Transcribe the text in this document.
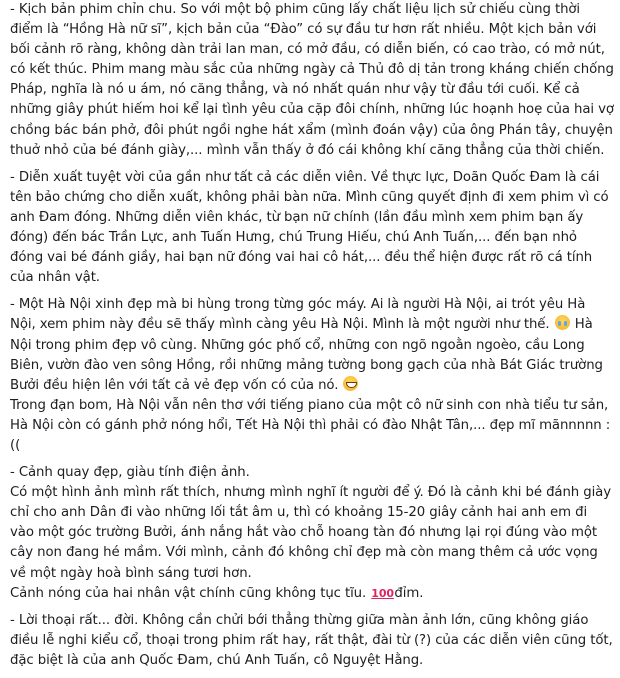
- Kịch bản phim chỉn chu. So với một bộ phim cũng lấy chất liệu lịch sử chiếu cùng thời điểm là “Hồng Hà nữ sĩ”, kịch bản của “Đào” có sự đầu tư hơn rất nhiều. Một kịch bản với bối cảnh rõ ràng, không dàn trải lan man, có mở đầu, có diễn biến, có cao trào, có mở nút, có kết thúc. Phim mang màu sắc của những ngày cả Thủ đô dị tản trong kháng chiến chống Pháp, nghĩa là nó u ám, nó căng thẳng, và nó nhất quán như vậy từ đầu tới cuối. Kể cả những giây phút hiếm hoi kể lại tình yêu của cặp đôi chính, những lúc hoạnh hoẹ của hai vợ chồng bác bán phở, đôi phút ngồi nghe hát xẩm (mình đoán vậy) của ông Phán tây, chuyện thuở nhỏ của bé đánh giày,... mình vẫn thấy ở đó cái không khí căng thẳng của thời chiến.
- Diễn xuất tuyệt vời của gần như tất cả các diễn viên. Về thực lực, Doãn Quốc Đam là cái tên bảo chứng cho diễn xuất, không phải bàn nữa. Mình cũng quyết định đi xem phim vì có anh Đam đóng. Những diễn viên khác, từ bạn nữ chính (lần đầu mình xem phim bạn ấy đóng) đến bác Trần Lực, anh Tuấn Hưng, chú Trung Hiếu, chú Anh Tuấn,... đến bạn nhỏ đóng vai bé đánh giầy, hai bạn nữ đóng vai hai cô hát,... đều thể hiện được rất rõ cá tính của nhân vật.
- Một Hà Nội xinh đẹp mà bi hùng trong từng góc máy. Ai là người Hà Nội, ai trót yêu Hà Nội, xem phim này đều sẽ thấy mình càng yêu Hà Nội. Mình là một người như thế.  Hà Nội trong phim đẹp vô cùng. Những góc phố cổ, những con ngõ ngoằn ngoèo, cầu Long Biên, vườn đào ven sông Hồng, rồi những mảng tường bong gạch của nhà Bát Giác trường Bưởi đều hiện lên với tất cả vẻ đẹp vốn có của nó.
Trong đạn bom, Hà Nội vẫn nên thơ với tiếng piano của một cô nữ sinh con nhà tiểu tư sản, Hà Nội còn có gánh phở nóng hổi, Tết Hà Nội thì phải có đào Nhật Tân,... đẹp mĩ mãnnnnn :((
- Cảnh quay đẹp, giàu tính điện ảnh.
Có một hình ảnh mình rất thích, nhưng mình nghĩ ít người để ý. Đó là cảnh khi bé đánh giày chỉ cho anh Dân đi vào những lối tắt âm u, thì có khoảng 15-20 giây cảnh hai anh em đi vào một góc trường Bưởi, ánh nắng hắt vào chỗ hoang tàn đó nhưng lại rọi đúng vào một cây non đang hé mầm. Với mình, cảnh đó không chỉ đẹp mà còn mang thêm cả ước vọng về một ngày hoà bình sáng tươi hơn.
Cảnh nóng của hai nhân vật chính cũng không tục tĩu. 100 đỉm.
- Lời thoại rất... đời. Không cần chửi bới thẳng thừng giữa màn ảnh lớn, cũng không giáo điều lễ nghi kiểu cổ, thoại trong phim rất hay, rất thật, đài từ (?) của các diễn viên cũng tốt, đặc biệt là của anh Quốc Đam, chú Anh Tuấn, cô Nguyệt Hằng.
